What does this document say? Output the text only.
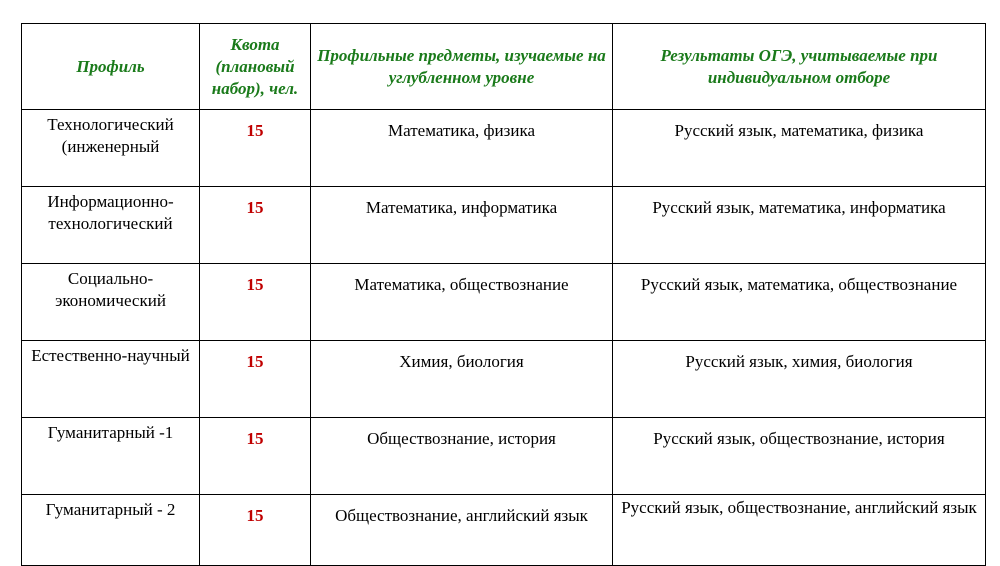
Профиль	Квота (плановый набор), чел.	Профильные предметы, изучаемые на углубленном уровне	Результаты ОГЭ, учитываемые при индивидуальном отборе
Технологический (инженерный	15	Математика, физика	Русский язык, математика, физика
Информационно-технологический	15	Математика, информатика	Русский язык, математика, информатика
Социально-экономический	15	Математика, обществознание	Русский язык, математика, обществознание
Естественно-научный	15	Химия, биология	Русский язык, химия, биология
Гуманитарный -1	15	Обществознание, история	Русский язык, обществознание, история
Гуманитарный - 2	15	Обществознание, английский язык	Русский язык, обществознание, английский язык
